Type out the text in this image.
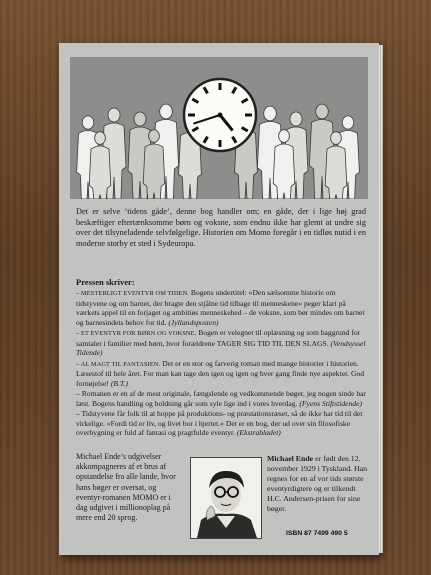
Det er selve ‘tidens gåde’, denne bog handler om; en gåde, der i lige høj grad beskæftiger eftertænksomme børn og voksne, som endnu ikke har glemt at undre sig over det tilsyneladende selvfølgelige. Historien om Momo foregår i en tidløs nutid i en moderne storby et sted i Sydeuropa.
Pressen skriver:
– MESTERLIGT EVENTYR OM TIDEN. Bogens undertitel: »Den sælsomme historie om tidstyvene og om barnet, der bragte den stjålne tid tilbage til menneskene« peger klart på værkets appel til en forjaget og ambitiøs menneskehed – de voksne, som bør mindes om barnet og barnesindets behov for tid. (Jyllandsposten)
– ET EVENTYR FOR BØRN OG VOKSNE. Bogen er velegnet til oplæsning og som baggrund for samtaler i familier med børn, hvor forældrene TAGER SIG TID TIL DEN SLAGS. (Vendsyssel Tidende)
– AL MAGT TIL FANTASIEN. Det er en stor og farverig roman med mange historier i historien. Læsestof til hele året. For man kan tage den igen og igen og hver gang finde nye aspekter. God fornøjelse! (B.T.)
– Romanen er en af de mest originale, fængslende og vedkommende bøger, jeg nogen sinde har læst. Bogens handling og holdning går som syle lige ind i vores hverdag. (Fyens Stiftstidende)
– Tidstyvene får folk til at hoppe på produktions- og præstationsræset, så de ikke har tid til det virkelige. »Fordi tid er liv, og livet bor i hjertet.« Det er en bog, der ud over sin filosofiske overbygning er fuld af fantasi og pragtfulde eventyr. (Ekstrabladet)
Michael Ende’s udgivelser akkompagneres af et brus af opstandelse fra alle lande, hvor hans bøger er oversat, og eventyr-romanen MOMO er i dag udgivet i millionoplag på mere end 20 sprog.
Michael Ende er født den 12. november 1929 i Tyskland. Han regnes for en af vor tids største eventyrdigtere og er tilkendt H.C. Andersen-prisen for sine bøger.
ISBN 87 7499 490 5
